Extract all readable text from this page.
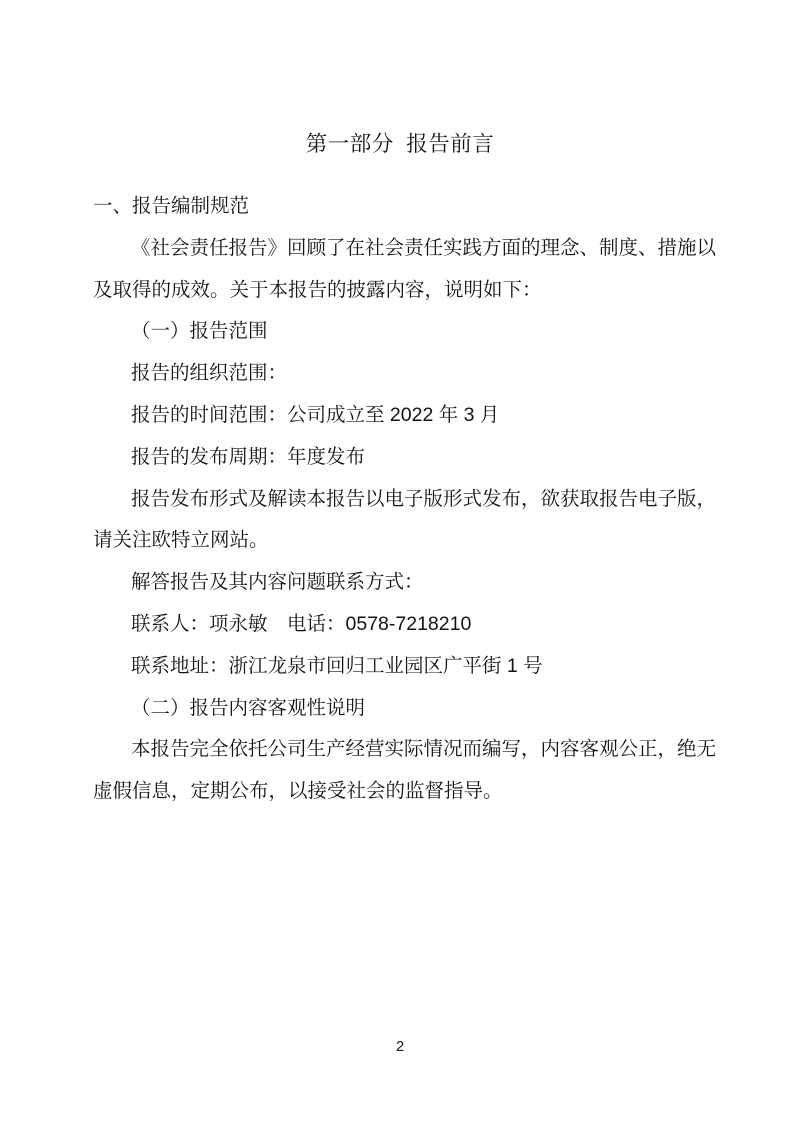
第一部分 报告前言
一、报告编制规范
《社会责任报告》回顾了在社会责任实践方面的理念、制度、措施以
及取得的成效。关于本报告的披露内容，说明如下：
（一）报告范围
报告的组织范围：
报告的时间范围：公司成立至 2022 年 3 月
报告的发布周期：年度发布
报告发布形式及解读本报告以电子版形式发布，欲获取报告电子版，
请关注欧特立网站。
解答报告及其内容问题联系方式：
联系人：项永敏　电话：0578-7218210
联系地址：浙江龙泉市回归工业园区广平街 1 号
（二）报告内容客观性说明
本报告完全依托公司生产经营实际情况而编写，内容客观公正，绝无
虚假信息，定期公布，以接受社会的监督指导。
2
